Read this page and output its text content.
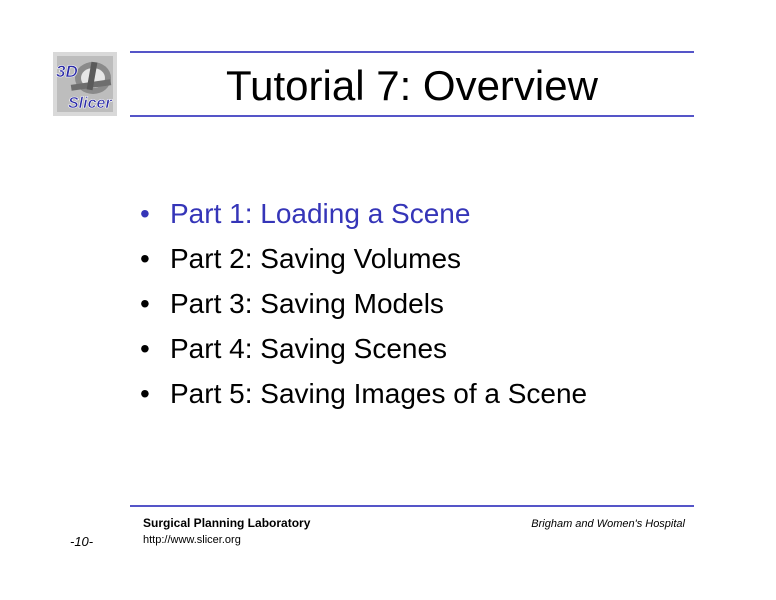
3D
Slicer	Tutorial 7: Overview
• Part 1: Loading a Scene
• Part 2: Saving Volumes
• Part 3: Saving Models
• Part 4: Saving Scenes
• Part 5: Saving Images of a Scene
Surgical Planning Laboratory
http://www.slicer.org
Brigham and Women's Hospital
-10-
